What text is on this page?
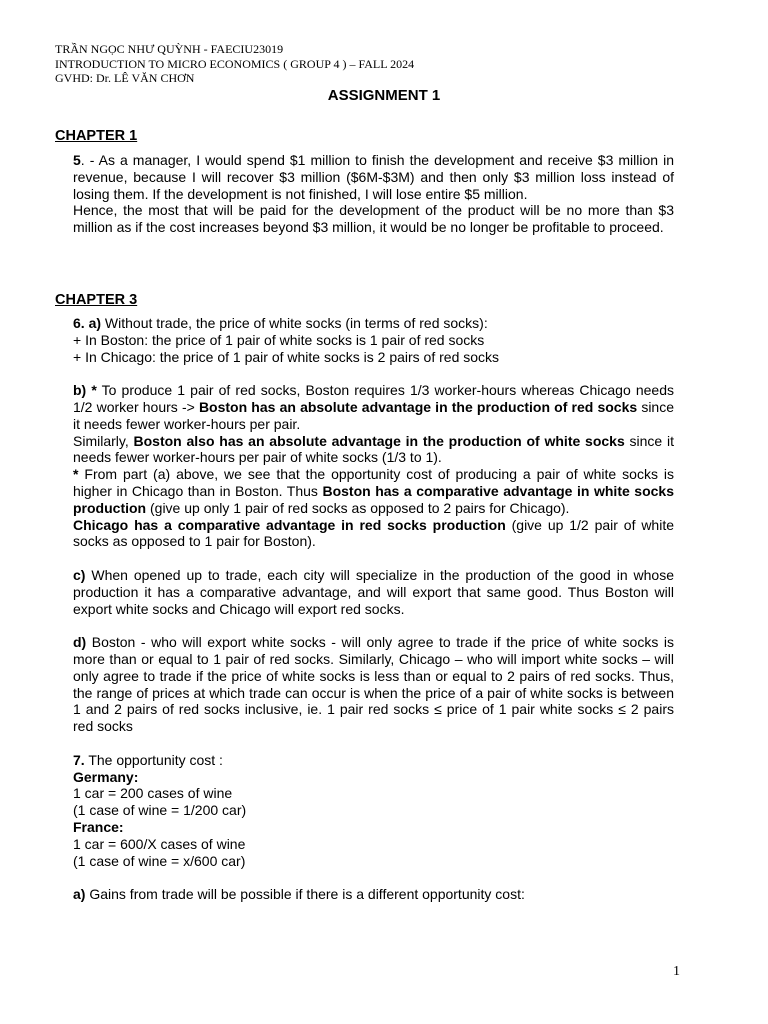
TRẦN NGỌC NHƯ QUỲNH - FAECIU23019
INTRODUCTION TO MICRO ECONOMICS ( GROUP 4 ) – FALL 2024
GVHD: Dr. LÊ VĂN CHƠN
ASSIGNMENT 1
CHAPTER 1

5. - As a manager, I would spend $1 million to finish the development and receive $3 million in revenue, because I will recover $3 million ($6M-$3M) and then only $3 million loss instead of losing them. If the development is not finished, I will lose entire $5 million.

Hence, the most that will be paid for the development of the product will be no more than $3 million as if the cost increases beyond $3 million, it would be no longer be profitable to proceed.

CHAPTER 3

6. a) Without trade, the price of white socks (in terms of red socks):

+ In Boston: the price of 1 pair of white socks is 1 pair of red socks

+ In Chicago: the price of 1 pair of white socks is 2 pairs of red socks

b) * To produce 1 pair of red socks, Boston requires 1/3 worker-hours whereas Chicago needs 1/2 worker hours -> Boston has an absolute advantage in the production of red socks since it needs fewer worker-hours per pair.

Similarly, Boston also has an absolute advantage in the production of white socks since it needs fewer worker-hours per pair of white socks (1/3 to 1).

* From part (a) above, we see that the opportunity cost of producing a pair of white socks is higher in Chicago than in Boston. Thus Boston has a comparative advantage in white socks production (give up only 1 pair of red socks as opposed to 2 pairs for Chicago).

Chicago has a comparative advantage in red socks production (give up 1/2 pair of white socks as opposed to 1 pair for Boston).

c) When opened up to trade, each city will specialize in the production of the good in whose production it has a comparative advantage, and will export that same good. Thus Boston will export white socks and Chicago will export red socks.

d) Boston - who will export white socks - will only agree to trade if the price of white socks is more than or equal to 1 pair of red socks. Similarly, Chicago – who will import white socks – will only agree to trade if the price of white socks is less than or equal to 2 pairs of red socks. Thus, the range of prices at which trade can occur is when the price of a pair of white socks is between 1 and 2 pairs of red socks inclusive, ie. 1 pair red socks ≤ price of 1 pair white socks ≤ 2 pairs red socks

7. The opportunity cost :

Germany:

1 car = 200 cases of wine

(1 case of wine = 1/200 car)

France:

1 car = 600/X cases of wine

(1 case of wine = x/600 car)

a) Gains from trade will be possible if there is a different opportunity cost:

1
